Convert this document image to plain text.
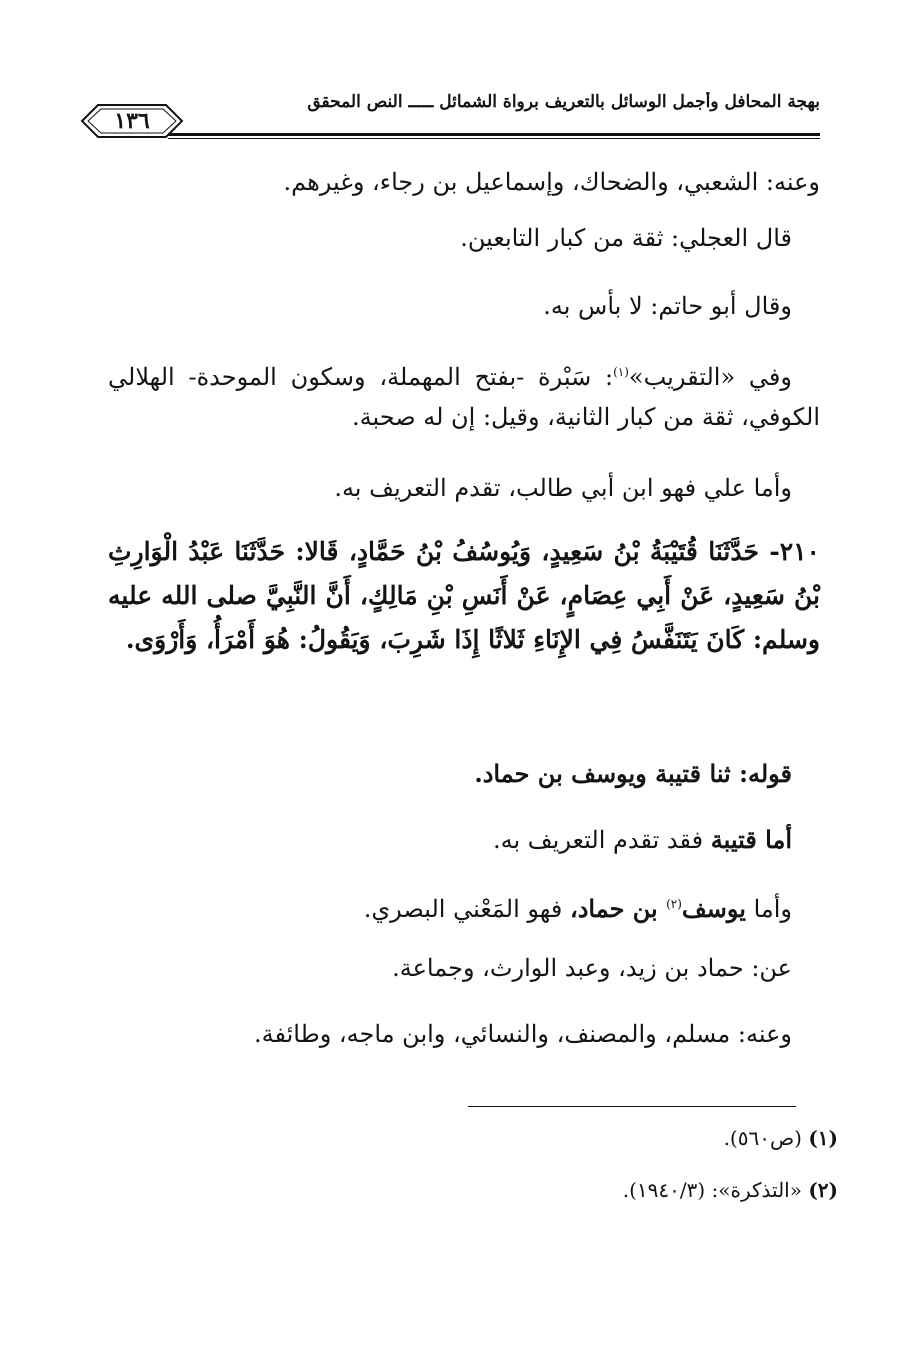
بهجة المحافل وأجمل الوسائل بالتعريف برواة الشمائل ـــــ النص المحقق
١٣٦
وعنه: الشعبي، والضحاك، وإسماعيل بن رجاء، وغيرهم.
قال العجلي: ثقة من كبار التابعين.
وقال أبو حاتم: لا بأس به.
وفي «التقريب»$^{(١)}$: سَبْرة -بفتح المهملة، وسكون الموحدة- الهلالي الكوفي، ثقة من كبار الثانية، وقيل: إن له صحبة.
وأما علي فهو ابن أبي طالب، تقدم التعريف به.
٢١٠- حَدَّثَنَا قُتَيْبَةُ بْنُ سَعِيدٍ، وَيُوسُفُ بْنُ حَمَّادٍ، قَالا: حَدَّثَنَا عَبْدُ الْوَارِثِ بْنُ سَعِيدٍ، عَنْ أَبِي عِصَامٍ، عَنْ أَنَسِ بْنِ مَالِكٍ، أَنَّ النَّبِيَّ صلى الله عليه وسلم: كَانَ يَتَنَفَّسُ فِي الإِنَاءِ ثَلاثًا إِذَا شَرِبَ، وَيَقُولُ: هُوَ أَمْرَأُ، وَأَرْوَى.
قوله: ثنا قتيبة ويوسف بن حماد.
أما قتيبة فقد تقدم التعريف به.
وأما يوسف$^{(٢)}$ بن حماد، فهو المَعْني البصري.
عن: حماد بن زيد، وعبد الوارث، وجماعة.
وعنه: مسلم، والمصنف، والنسائي، وابن ماجه، وطائفة.
(١) (ص٥٦٠).
(٢) «التذكرة»: (١٩٤٠/٣).
